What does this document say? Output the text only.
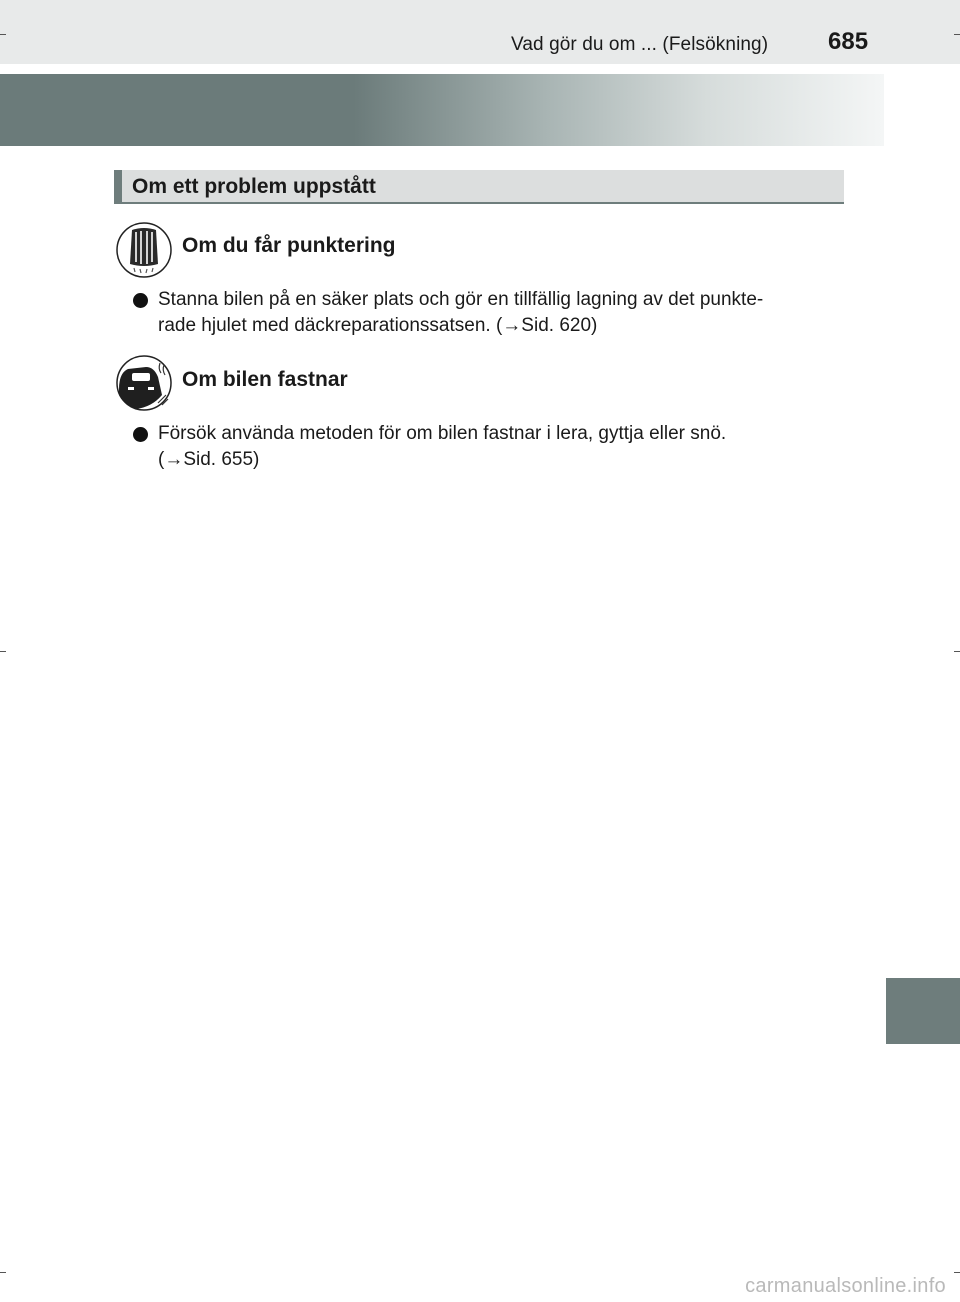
Vad gör du om ... (Felsökning) 685
Om ett problem uppstått
Om du får punktering
Stanna bilen på en säker plats och gör en tillfällig lagning av det punkte-
rade hjulet med däckreparationssatsen. (→Sid. 620)
Om bilen fastnar
Försök använda metoden för om bilen fastnar i lera, gyttja eller snö.
(→Sid. 655)
carmanualsonline.info
